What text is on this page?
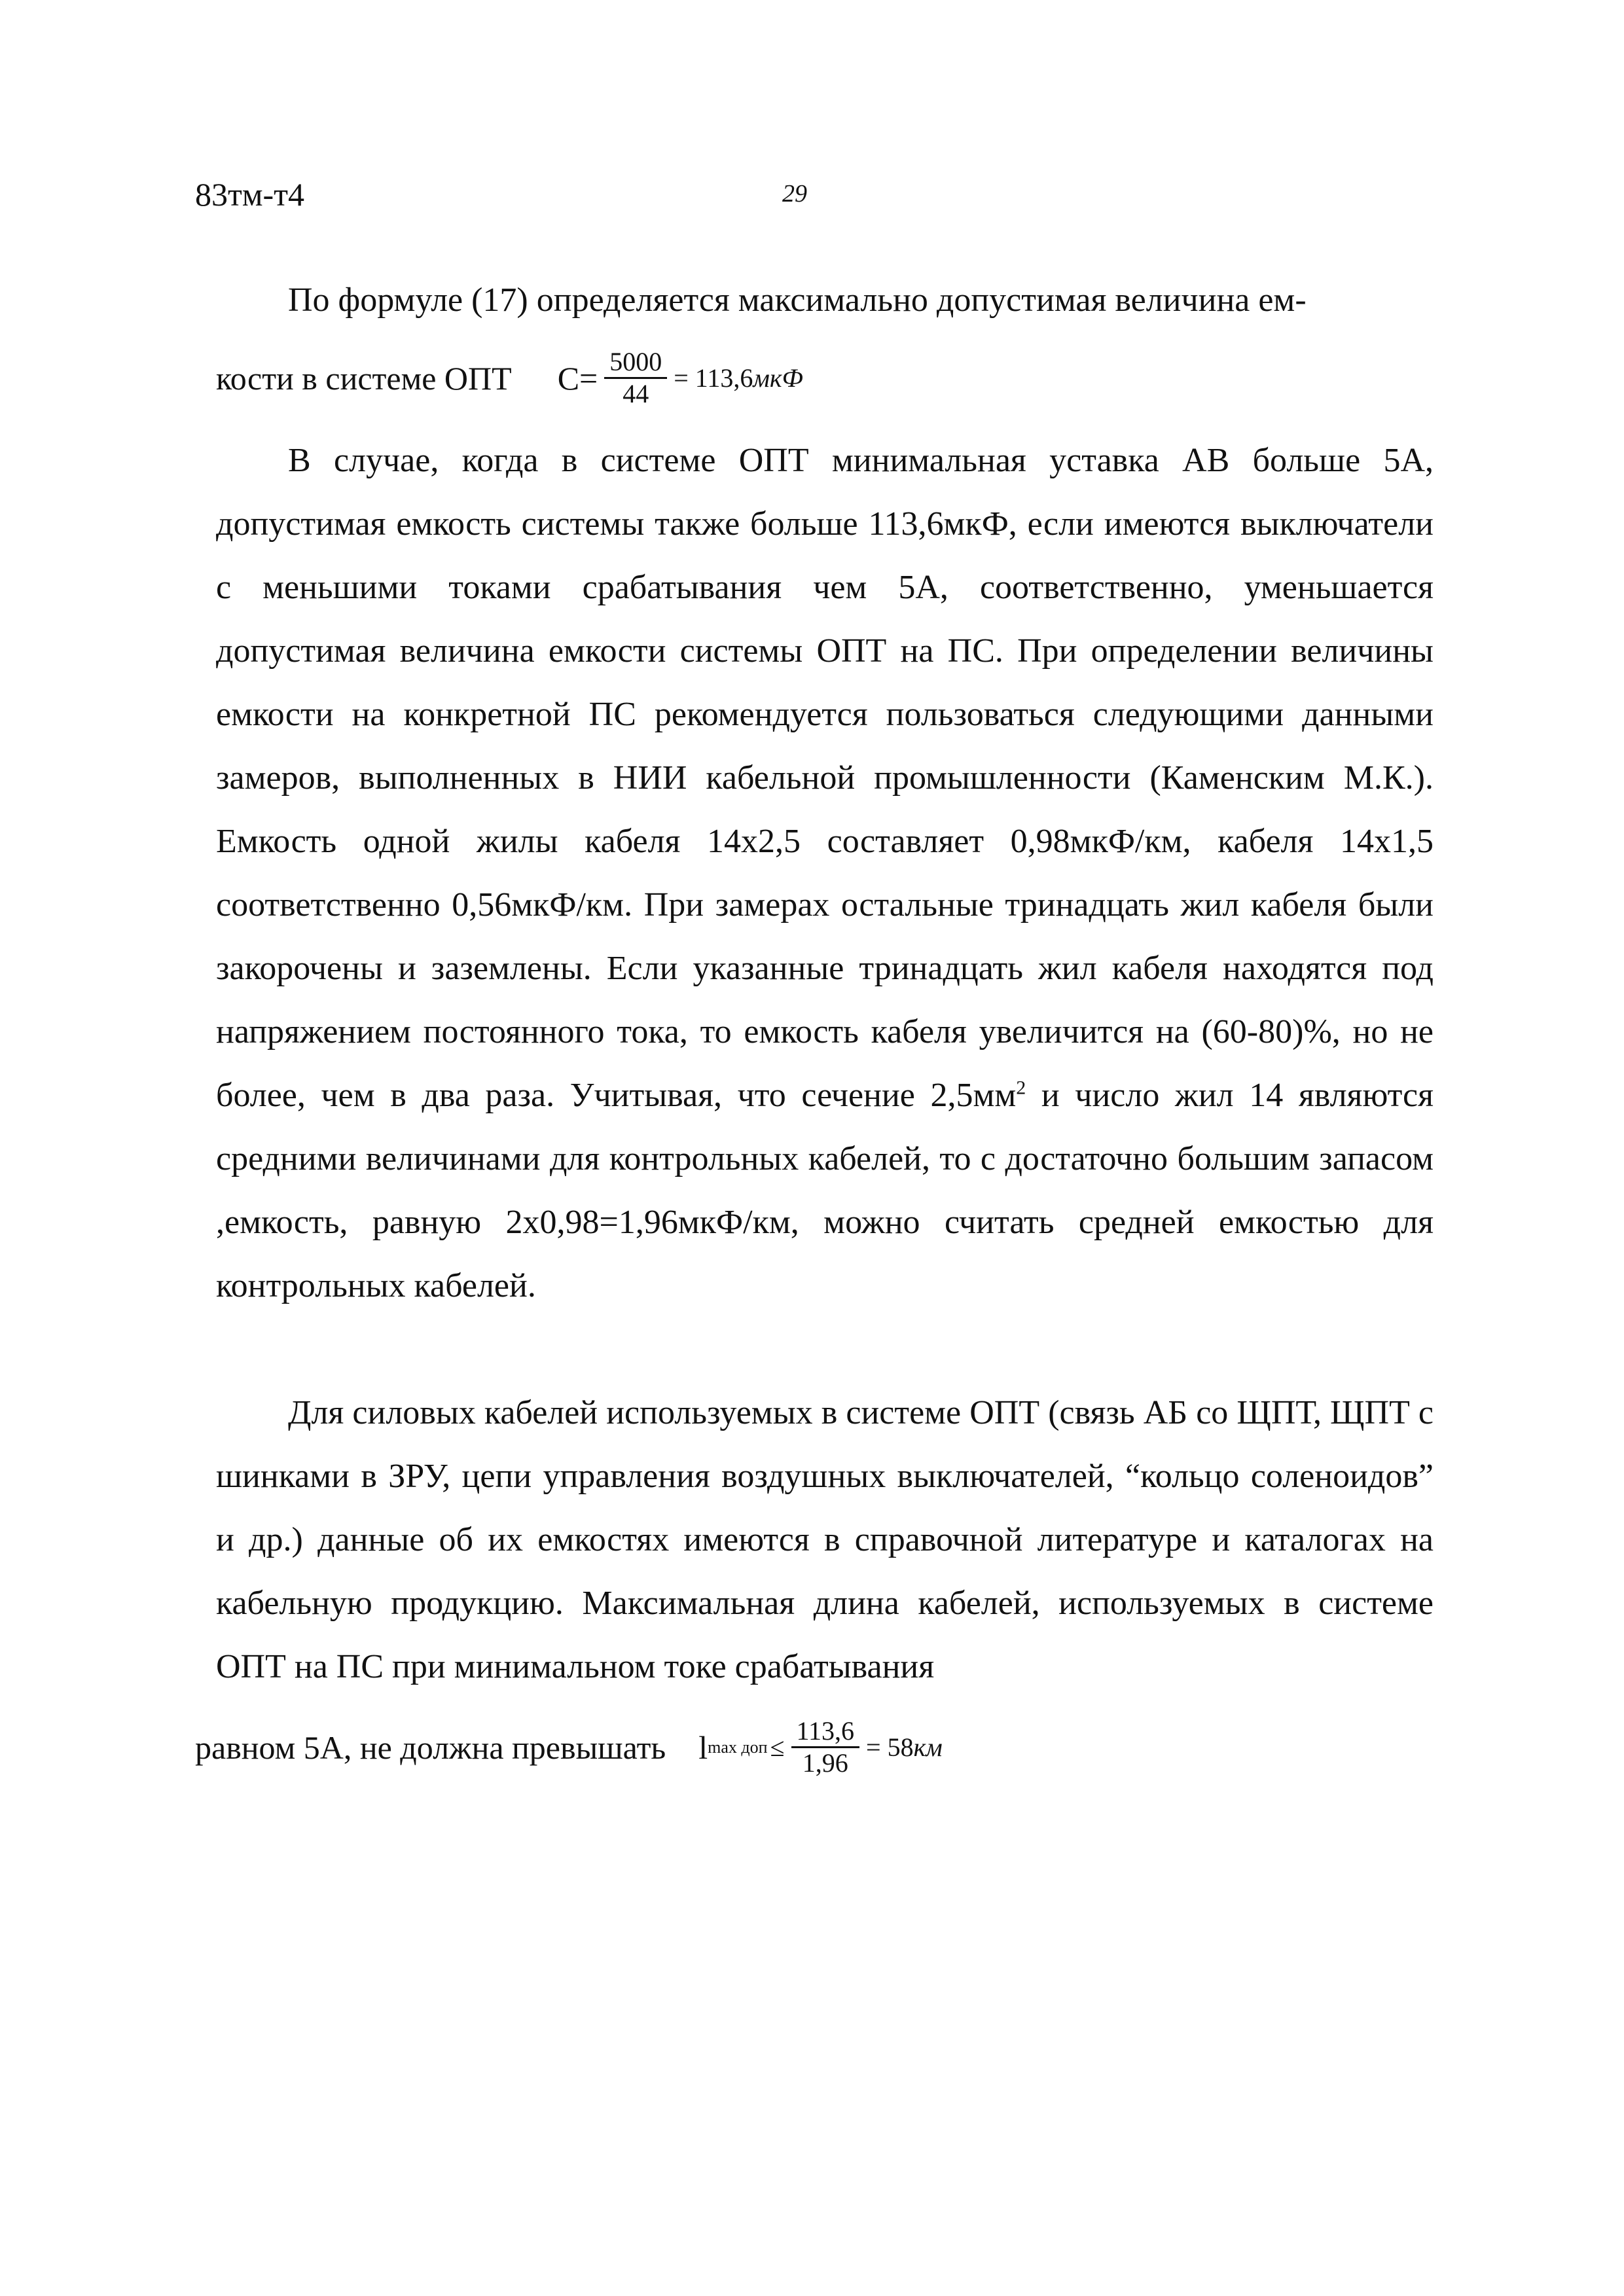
83тм-т4	29

По формуле (17) определяется максимально допустимая величина ем-

кости в системе ОПТ $С= \frac{5000}{44} = 113,6$ мкФ

В случае, когда в системе ОПТ минимальная уставка АВ больше 5А, допустимая емкость системы также больше 113,6мкФ, если имеются выключатели с меньшими токами срабатывания чем 5А, соответственно, уменьшается допустимая величина емкости системы ОПТ на ПС. При определении величины емкости на конкретной ПС рекомендуется пользоваться следующими данными замеров, выполненных в НИИ кабельной промышленности (Каменским М.К.). Емкость одной жилы кабеля 14x2,5 составляет 0,98мкФ/км, кабеля 14x1,5 соответственно 0,56мкФ/км. При замерах остальные тринадцать жил кабеля были закорочены и заземлены. Если указанные тринадцать жил кабеля находятся под напряжением постоянного тока, то емкость кабеля увеличится на (60-80)%, но не более, чем в два раза. Учитывая, что сечение $2,5мм^2$ и число жил 14 являются средними величинами для контрольных кабелей, то с достаточно большим запасом ,емкость, равную 2x0,98=1,96мкФ/км, можно считать средней емкостью для контрольных кабелей.

Для силовых кабелей используемых в системе ОПТ (связь АБ со ЩПТ, ЩПТ с шинками в ЗРУ, цепи управления воздушных выключателей, “кольцо соленоидов” и др.) данные об их емкостях имеются в справочной литературе и каталогах на кабельную продукцию. Максимальная длина кабелей, используемых в системе ОПТ на ПС при минимальном токе срабатывания

равном 5А, не должна превышать l max доп ≤ $\frac{113,6}{1,96} = 58$ км
